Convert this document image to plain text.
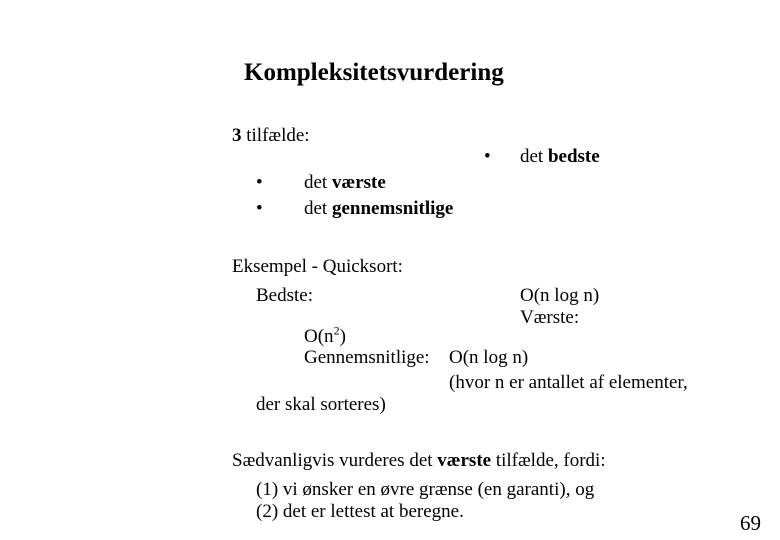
Kompleksitetsvurdering
3 tilfælde:
• det bedste
• det værste
• det gennemsnitlige
Eksempel - Quicksort:
Bedste:	O(n log n)
Værste:
$O(n^2)$
Gennemsnitlige: O(n log n)
(hvor n er antallet af elementer,
der skal sorteres)
Sædvanligvis vurderes det værste tilfælde, fordi:
(1) vi ønsker en øvre grænse (en garanti), og
(2) det er lettest at beregne.	69
